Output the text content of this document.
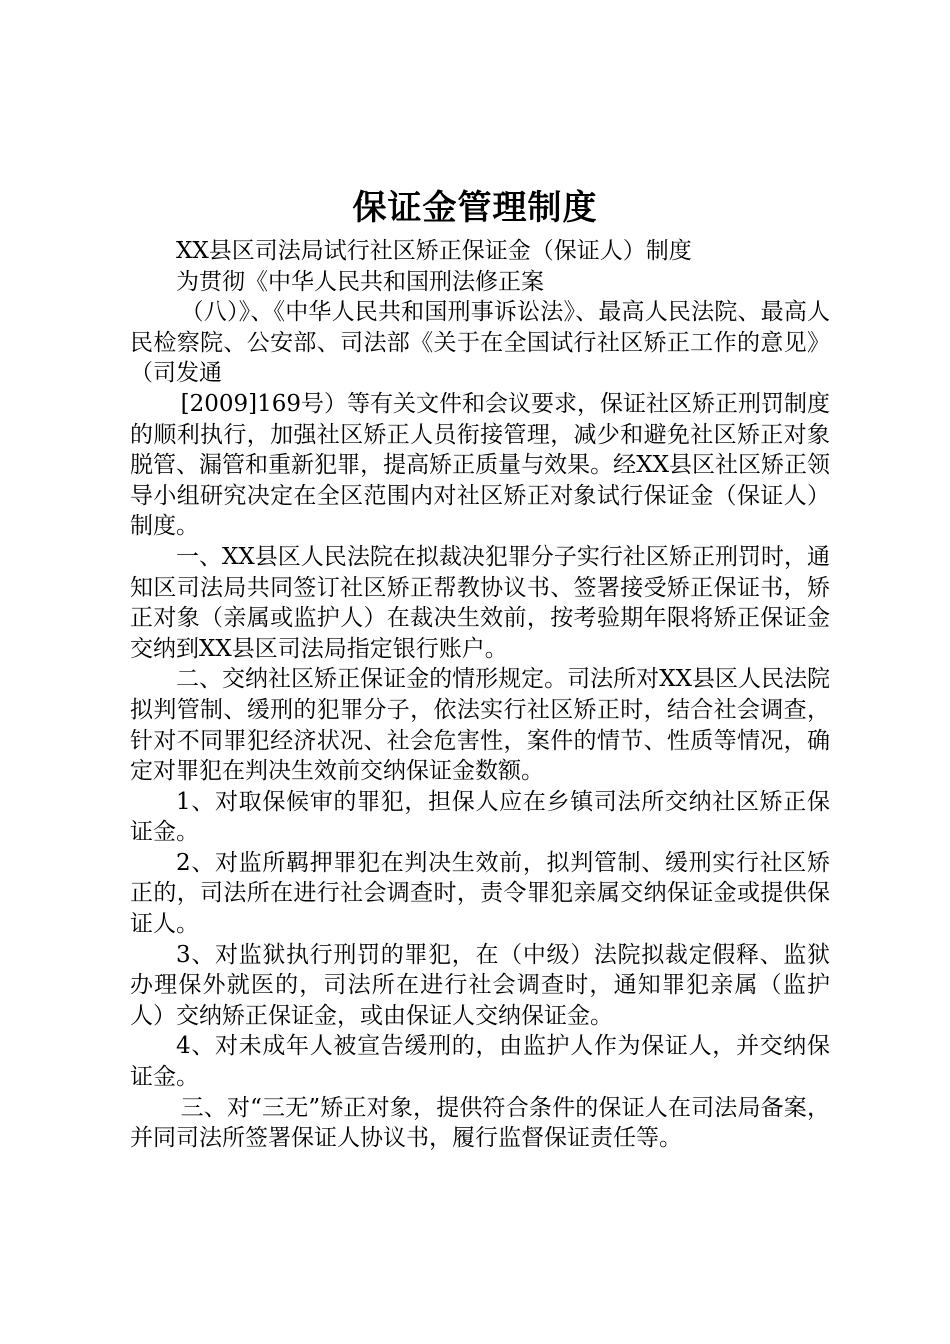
保证金管理制度

XX县区司法局试行社区矫正保证金（保证人）制度

为贯彻《中华人民共和国刑法修正案

（八）》、《中华人民共和国刑事诉讼法》、最高人民法院、最高人民检察院、公安部、司法部《关于在全国试行社区矫正工作的意见》（司发通

[2009]169号）等有关文件和会议要求，保证社区矫正刑罚制度的顺利执行，加强社区矫正人员衔接管理，减少和避免社区矫正对象脱管、漏管和重新犯罪，提高矫正质量与效果。经XX县区社区矫正领导小组研究决定在全区范围内对社区矫正对象试行保证金（保证人）制度。

一、XX县区人民法院在拟裁决犯罪分子实行社区矫正刑罚时，通知区司法局共同签订社区矫正帮教协议书、签署接受矫正保证书，矫正对象（亲属或监护人）在裁决生效前，按考验期年限将矫正保证金交纳到XX县区司法局指定银行账户。

二、交纳社区矫正保证金的情形规定。司法所对XX县区人民法院拟判管制、缓刑的犯罪分子，依法实行社区矫正时，结合社会调查，针对不同罪犯经济状况、社会危害性，案件的情节、性质等情况，确定对罪犯在判决生效前交纳保证金数额。

1、对取保候审的罪犯，担保人应在乡镇司法所交纳社区矫正保证金。

2、对监所羁押罪犯在判决生效前，拟判管制、缓刑实行社区矫正的，司法所在进行社会调查时，责令罪犯亲属交纳保证金或提供保证人。

3、对监狱执行刑罚的罪犯，在（中级）法院拟裁定假释、监狱办理保外就医的，司法所在进行社会调查时，通知罪犯亲属（监护人）交纳矫正保证金，或由保证人交纳保证金。

4、对未成年人被宣告缓刑的，由监护人作为保证人，并交纳保证金。

三、对“三无”矫正对象，提供符合条件的保证人在司法局备案，并同司法所签署保证人协议书，履行监督保证责任等。
